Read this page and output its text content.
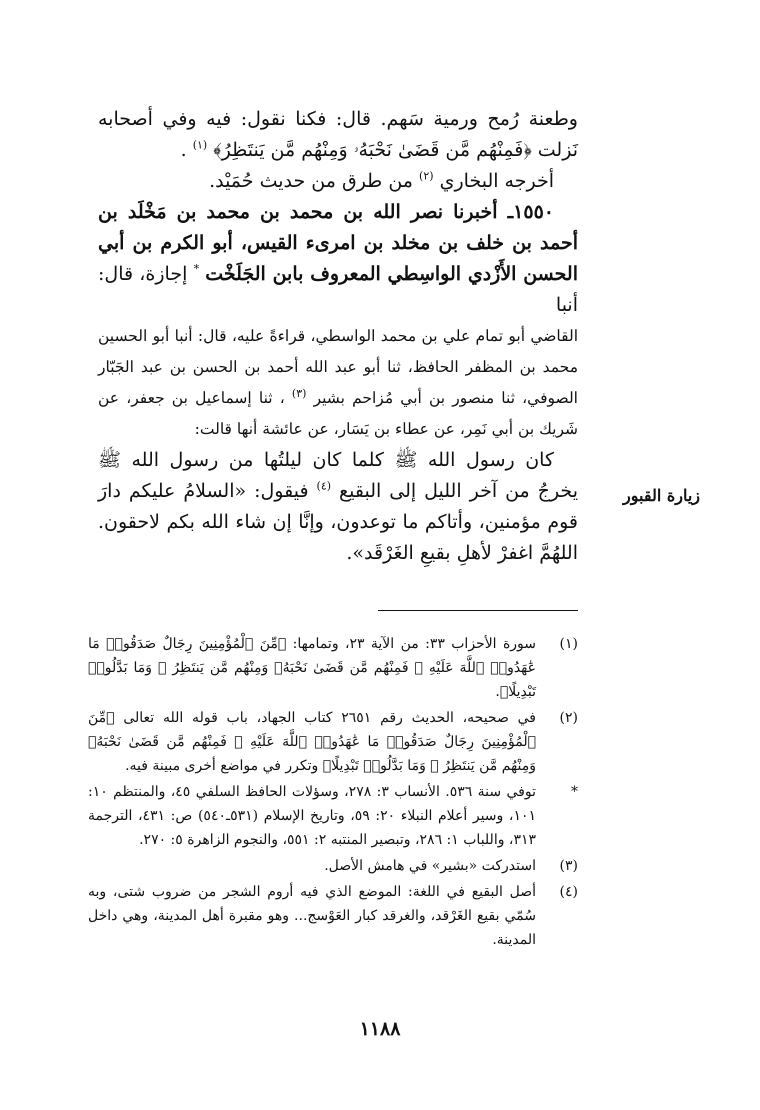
وطعنة رُمح ورمية سَهم. قال: فكنا نقول: فيه وفي أصحابه نَزلت ﴿فَمِنْهُم مَّن قَضَىٰ نَحْبَهُۥ وَمِنْهُم مَّن يَنتَظِرُ﴾ $^{(١)}$ .

أخرجه البخاري $^{(٢)}$ من طرق من حديث حُمَيْد.

١٥٥٠ـ أخبرنا نصر الله بن محمد بن محمد بن مَخْلَد بن أحمد بن خلف بن مخلد بن امرىء القيس، أبو الكرم بن أبي الحسن الأَزْدي الواسِطي المعروف بابن الجَلَخْت * إجازة، قال: أنبا

القاضي أبو تمام علي بن محمد الواسطي، قراءةً عليه، قال: أنبا أبو الحسين محمد بن المظفر الحافظ، ثنا أبو عبد الله أحمد بن الحسن بن عبد الجَبّار الصوفي، ثنا منصور بن أبي مُزاحم بشير $^{(٣)}$ ، ثنا إسماعيل بن جعفر، عن شَريك بن أبي نَمِر، عن عطاء بن يَسَار، عن عائشة أنها قالت:

كان رسول الله ﷺ كلما كان ليلتُها من رسول الله ﷺ يخرجُ من آخر الليل إلى البقيع $^{(٤)}$ فيقول: «السلامُ عليكم دارَ قوم مؤمنين، وأتاكم ما توعدون، وإنَّا إن شاء الله بكم لاحقون. اللهُمَّ اغفرْ لأهلِ بقيعِ الغَرْقَد».

زيارة القبور
(١)
سورة الأحزاب ٣٣: من الآية ٢٣، وتمامها: ﴿مِّنَ ٱلْمُؤْمِنِينَ رِجَالٌ صَدَقُوا۟ مَا عَٰهَدُوا۟ ٱللَّهَ عَلَيْهِ ۖ فَمِنْهُم مَّن قَضَىٰ نَحْبَهُۥ وَمِنْهُم مَّن يَنتَظِرُ ۖ وَمَا بَدَّلُوا۟ تَبْدِيلًا﴾.
(٢)
في صحيحه، الحديث رقم ٢٦٥١ كتاب الجهاد، باب قوله الله تعالى ﴿مِّنَ ٱلْمُؤْمِنِينَ رِجَالٌ صَدَقُوا۟ مَا عَٰهَدُوا۟ ٱللَّهَ عَلَيْهِ ۖ فَمِنْهُم مَّن قَضَىٰ نَحْبَهُۥ وَمِنْهُم مَّن يَنتَظِرُ ۖ وَمَا بَدَّلُوا۟ تَبْدِيلًا﴾ وتكرر في مواضع أخرى مبينة فيه.
*
توفي سنة ٥٣٦. الأنساب ٣: ٢٧٨، وسؤلات الحافظ السلفي ٤٥، والمنتظم ١٠: ١٠١، وسير أعلام النبلاء ٢٠: ٥٩، وتاريخ الإسلام (٥٣١ـ٥٤٠) ص: ٤٣١، الترجمة ٣١٣، واللباب ١: ٢٨٦، وتبصير المنتبه ٢: ٥٥١، والنجوم الزاهرة ٥: ٢٧٠.
(٣)
استدركت «بشير» في هامش الأصل.
(٤)
أصل البقيع في اللغة: الموضع الذي فيه أروم الشجر من ضروب شتى، وبه سُمّي بقيع الغَرْقد، والغرقد كبار العَوْسج... وهو مقبرة أهل المدينة، وهي داخل المدينة.
١١٨٨
